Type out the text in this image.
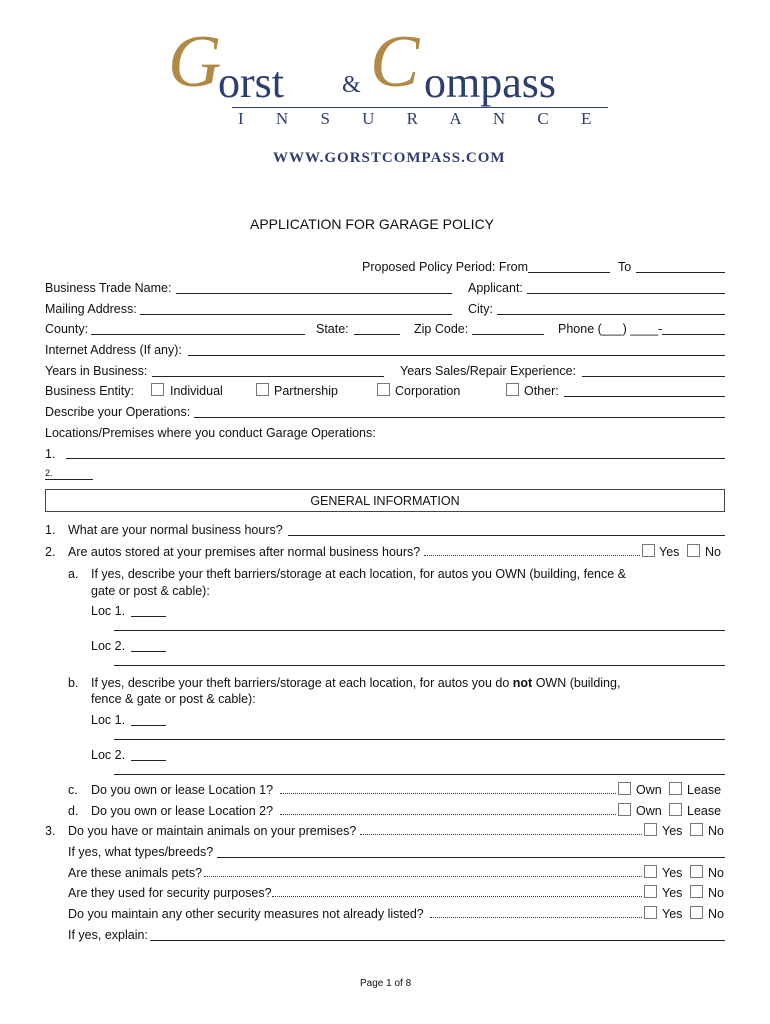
G
orst & C ompass
I N S U R A N C E
WWW.GORSTCOMPASS.COM
APPLICATION FOR GARAGE POLICY
Proposed Policy Period: From	To
Business Trade Name:	Applicant:
Mailing Address:	City:
County:	State:	Zip Code:	Phone (___) ____-
Internet Address (If any):
Years in Business:	Years Sales/Repair Experience:
Business Entity:	Individual	Partnership	Corporation	Other:
Describe your Operations:
Locations/Premises where you conduct Garage Operations:
1.
2.
GENERAL INFORMATION
1. What are your normal business hours?
2. Are autos stored at your premises after normal business hours?	Yes No
a. If yes, describe your theft barriers/storage at each location, for autos you OWN (building, fence &
gate or post & cable):
Loc 1.
Loc 2.
b. If yes, describe your theft barriers/storage at each location, for autos you do not OWN (building,
fence & gate or post & cable):
Loc 1.
Loc 2.
c. Do you own or lease Location 1?	Own Lease
d. Do you own or lease Location 2?	Own Lease
3. Do you have or maintain animals on your premises?	Yes No
If yes, what types/breeds?
Are these animals pets?	Yes No
Are they used for security purposes?	Yes No
Do you maintain any other security measures not already listed?	Yes No
If yes, explain:
Page 1 of 8
